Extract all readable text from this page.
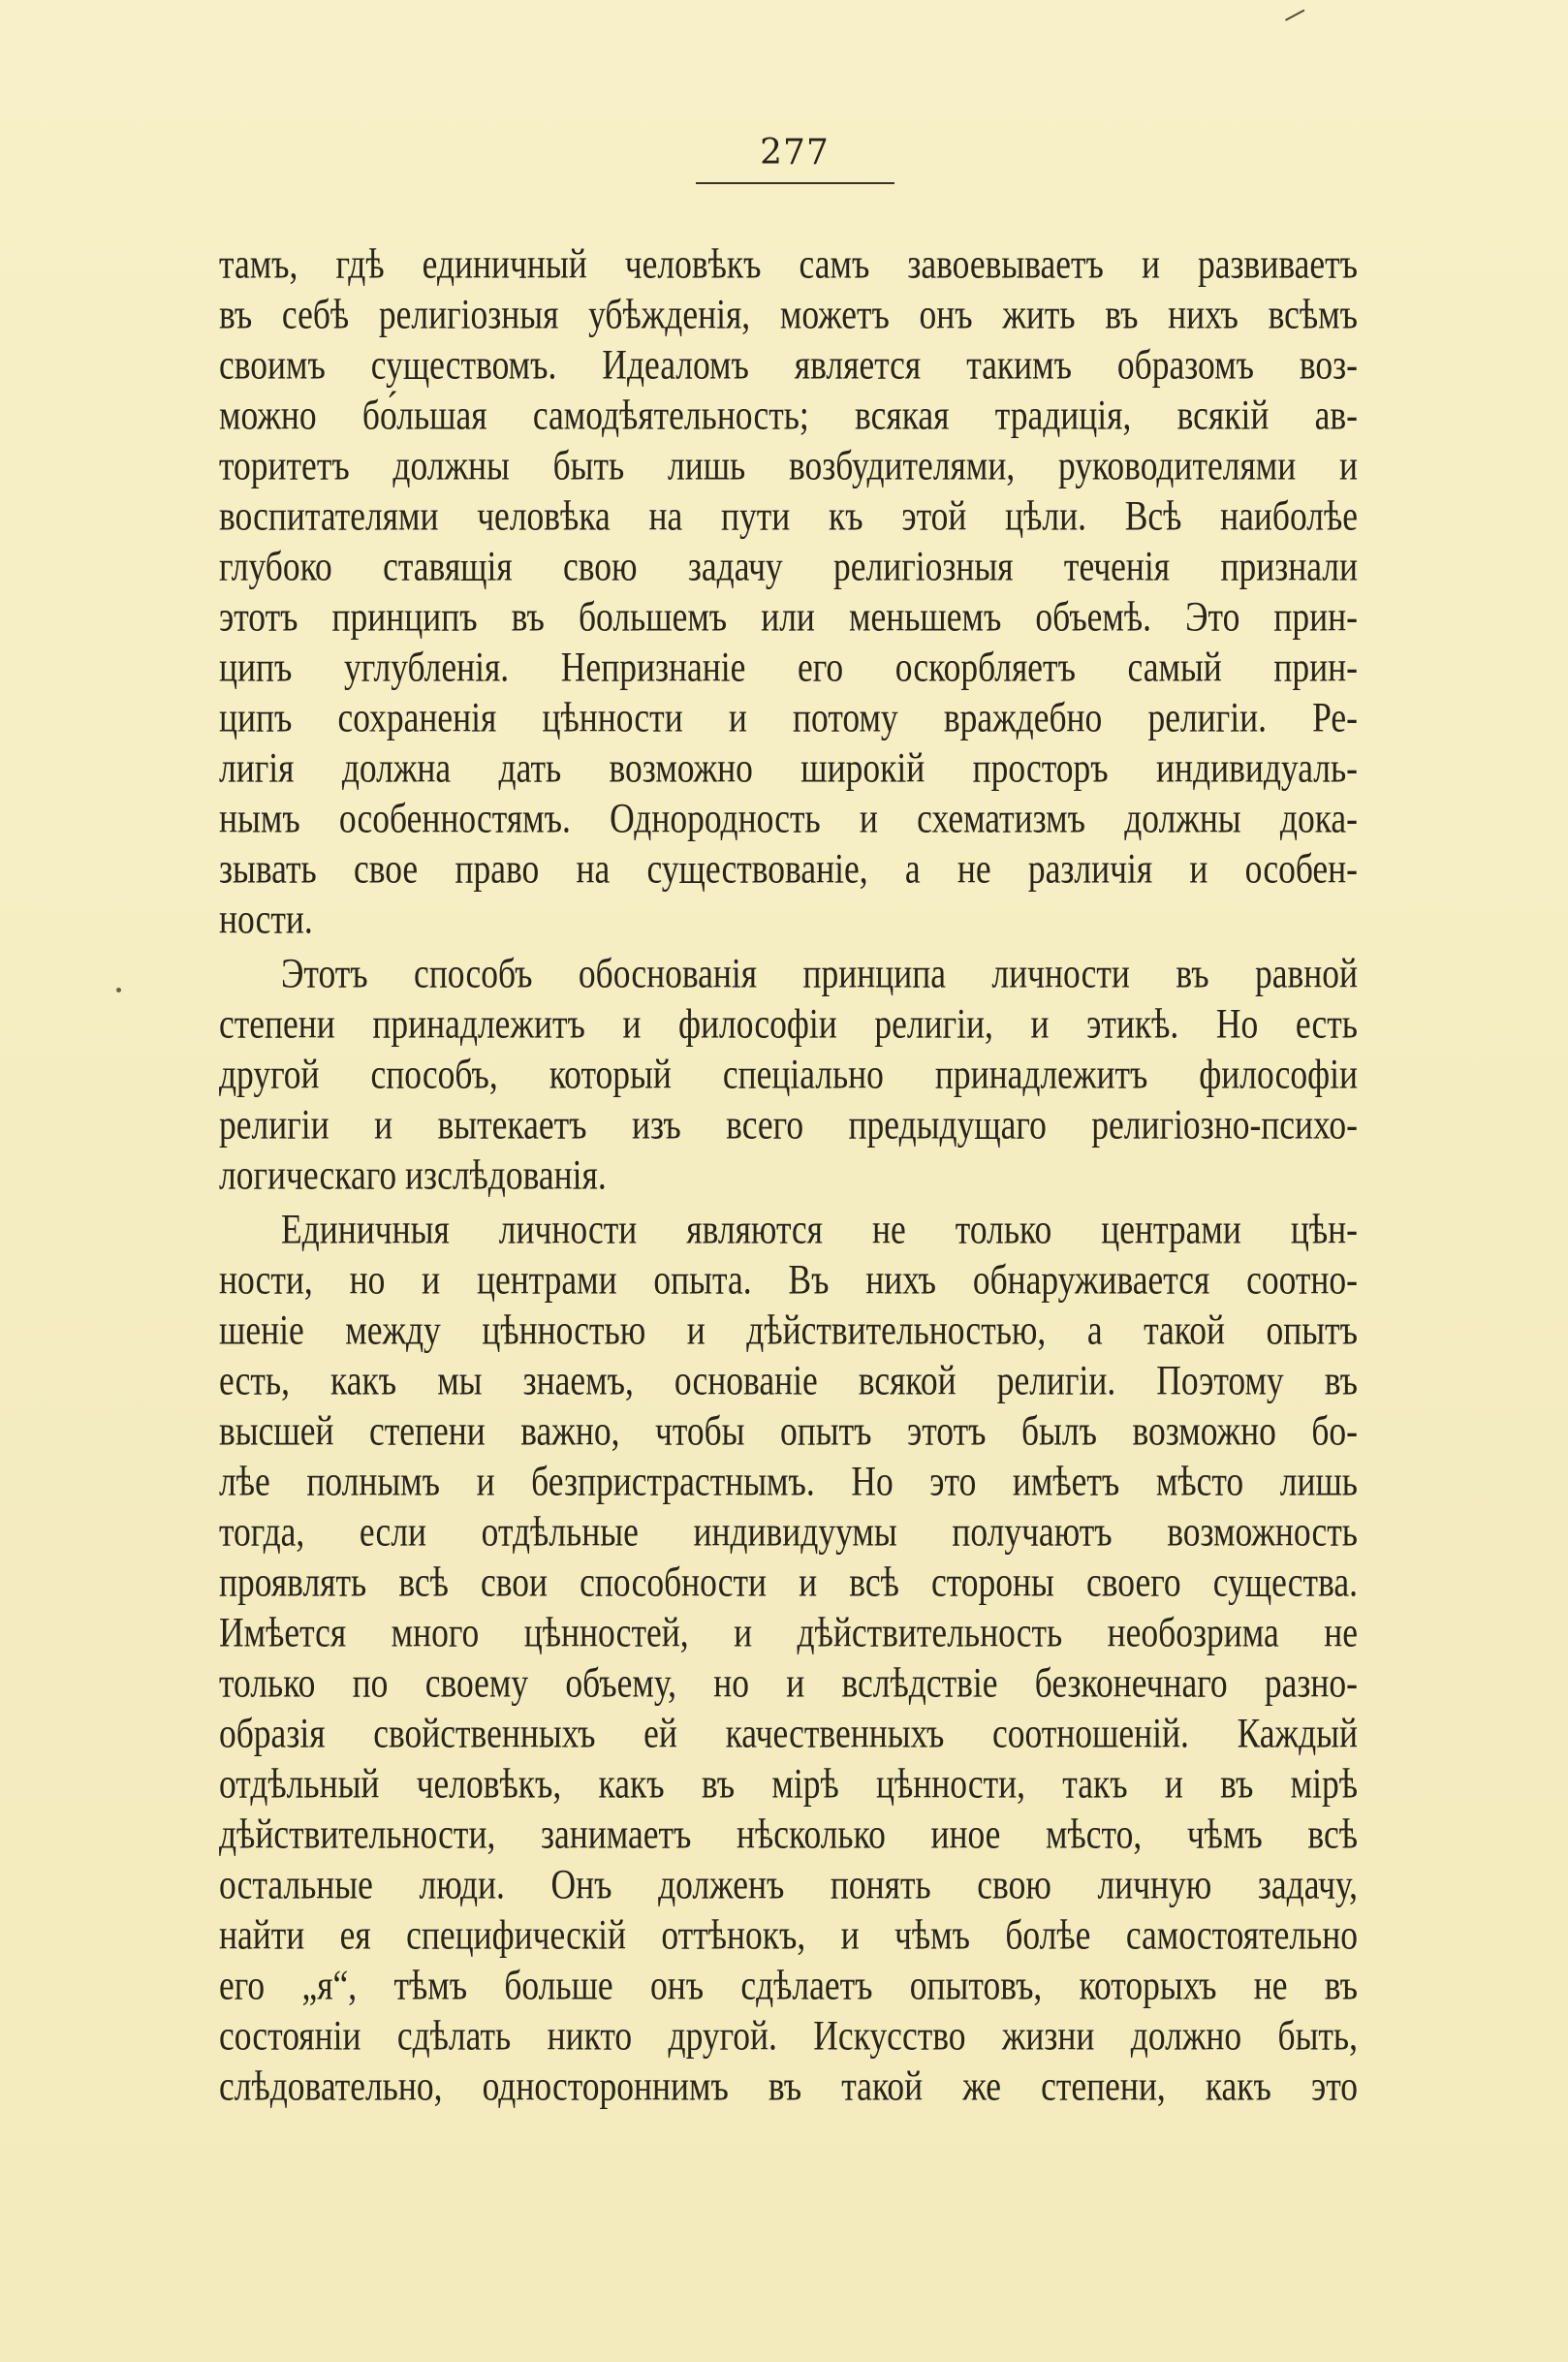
277
тамъ, гдѣ единичный человѣкъ самъ завоевываетъ и развиваетъ
въ себѣ религіозныя убѣжденія, можетъ онъ жить въ нихъ всѣмъ
своимъ существомъ. Идеаломъ является такимъ образомъ воз-
можно бо́льшая самодѣятельность; всякая традиція, всякій ав-
торитетъ должны быть лишь возбудителями, руководителями и
воспитателями человѣка на пути къ этой цѣли. Всѣ наиболѣе
глубоко ставящія свою задачу религіозныя теченія признали
этотъ принципъ въ большемъ или меньшемъ объемѣ. Это прин-
ципъ углубленія. Непризнаніе его оскорбляетъ самый прин-
ципъ сохраненія цѣнности и потому враждебно религіи. Ре-
лигія должна дать возможно широкій просторъ индивидуаль-
нымъ особенностямъ. Однородность и схематизмъ должны дока-
зывать свое право на существованіе, а не различія и особен-
ности.
Этотъ способъ обоснованія принципа личности въ равной
степени принадлежитъ и философіи религіи, и этикѣ. Но есть
другой способъ, который спеціально принадлежитъ философіи
религіи и вытекаетъ изъ всего предыдущаго религіозно-психо-
логическаго изслѣдованія.
Единичныя личности являются не только центрами цѣн-
ности, но и центрами опыта. Въ нихъ обнаруживается соотно-
шеніе между цѣнностью и дѣйствительностью, а такой опытъ
есть, какъ мы знаемъ, основаніе всякой религіи. Поэтому въ
высшей степени важно, чтобы опытъ этотъ былъ возможно бо-
лѣе полнымъ и безпристрастнымъ. Но это имѣетъ мѣсто лишь
тогда, если отдѣльные индивидуумы получаютъ возможность
проявлять всѣ свои способности и всѣ стороны своего существа.
Имѣется много цѣнностей, и дѣйствительность необозрима не
только по своему объему, но и вслѣдствіе безконечнаго разно-
образія свойственныхъ ей качественныхъ соотношеній. Каждый
отдѣльный человѣкъ, какъ въ мірѣ цѣнности, такъ и въ мірѣ
дѣйствительности, занимаетъ нѣсколько иное мѣсто, чѣмъ всѣ
остальные люди. Онъ долженъ понять свою личную задачу,
найти ея специфическій оттѣнокъ, и чѣмъ болѣе самостоятельно
его „я“, тѣмъ больше онъ сдѣлаетъ опытовъ, которыхъ не въ
состояніи сдѣлать никто другой. Искусство жизни должно быть,
слѣдовательно, одностороннимъ въ такой же степени, какъ это
